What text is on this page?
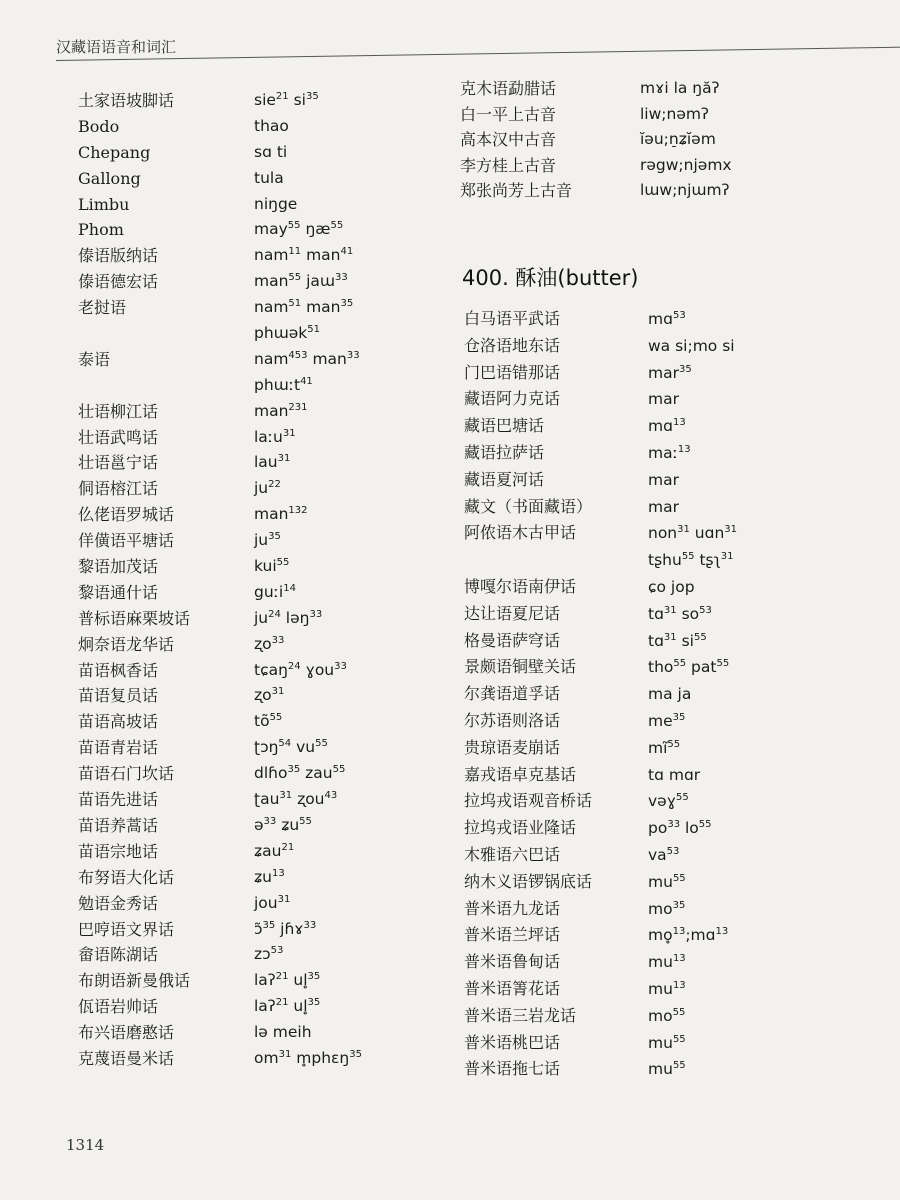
汉藏语语音和词汇
土家语坡脚话	sie$^{21}$ $si^{35}$
Bodo	thao
Chepang	sɑ ti
Gallong	tula
Limbu	niŋge
Phom	may$^{55}$ $ŋæ^{55}$
傣语版纳话	nam$^{11}$ man$^{41}$
傣语德宏话	man$^{55}$ jaɯ$^{33}$
老挝语	nam$^{51}$ man$^{35}$
phɯək$^{51}$
泰语	nam$^{453}$ man$^{33}$
phɯːt$^{41}$
壮语柳江话	man$^{231}$
壮语武鸣话	laːu$^{31}$
壮语邕宁话	lau$^{31}$
侗语榕江话	$ju^{22}$
仫佬语罗城话	man$^{132}$
佯僙语平塘话	$ju^{35}$
黎语加茂话	kui$^{55}$
黎语通什话	guːi$^{14}$
普标语麻栗坡话	$ju^{24}$ ləŋ$^{33}$
炯奈语龙华话	ʐo$^{33}$
苗语枫香话	tɕaŋ$^{24}$ ɣou$^{33}$
苗语复员话	ʐo$^{31}$
苗语高坡话	$tõ^{55}$
苗语青岩话	ʈɔŋ$^{54}$ $vu^{55}$
苗语石门坎话	dlɦo$^{35}$ zau$^{55}$
苗语先进话	ʈau$^{31}$ ʐou$^{43}$
苗语养蒿话	ə$^{33}$ ʑu$^{55}$
苗语宗地话	ʑau$^{21}$
布努语大化话	ʑu$^{13}$
勉语金秀话	jou$^{31}$
巴哼语文界话	ɔ̃$^{35}$ jɦɤ$^{33}$
畲语陈湖话	zɔ$^{53}$
布朗语新曼俄话	laʔ$^{21}$ ul̥$^{35}$
佤语岩帅话	laʔ$^{21}$ ul̥$^{35}$
布兴语磨憨话	lə meih
克蔑语曼米话	$om^{31}$ m̥phɛŋ$^{35}$
克木语勐腊话	mɤi la ŋăʔ
白一平上古音	liw;nəmʔ
高本汉中古音	ĭəu;n̠ʑĭəm
李方桂上古音	rəgw;njəmx
郑张尚芳上古音	lɯw;njɯmʔ
400. 酥油(butter)
白马语平武话	mɑ$^{53}$
仓洛语地东话	wa si;mo si
门巴语错那话	mar$^{35}$
藏语阿力克话	mar
藏语巴塘话	mɑ$^{13}$
藏语拉萨话	maː$^{13}$
藏语夏河话	mar
藏文（书面藏语）	mar
阿侬语木古甲话	non$^{31}$ uɑn$^{31}$
tʂhu$^{55}$ tʂʅ$^{31}$
博嘎尔语南伊话	ɕo jop
达让语夏尼话	tɑ$^{31}$ $so^{53}$
格曼语萨穹话	tɑ$^{31}$ $si^{55}$
景颇语铜壁关话	tho$^{55}$ pat$^{55}$
尔龚语道孚话	ma ja
尔苏语则洛话	$me^{35}$
贵琼语麦崩话	$mĩ^{55}$
嘉戎语卓克基话	tɑ mɑr
拉坞戎语观音桥话	vəɣ$^{55}$
拉坞戎语业隆话	$po^{33}$ $lo^{55}$
木雅语六巴话	$va^{53}$
纳木义语锣锅底话	$mu^{55}$
普米语九龙话	$mo^{35}$
普米语兰坪话	mo̥$^{13}$;mɑ$^{13}$
普米语鲁甸话	$mu^{13}$
普米语箐花话	$mu^{13}$
普米语三岩龙话	$mo^{55}$
普米语桃巴话	$mu^{55}$
普米语拖七话	$mu^{55}$
1314
